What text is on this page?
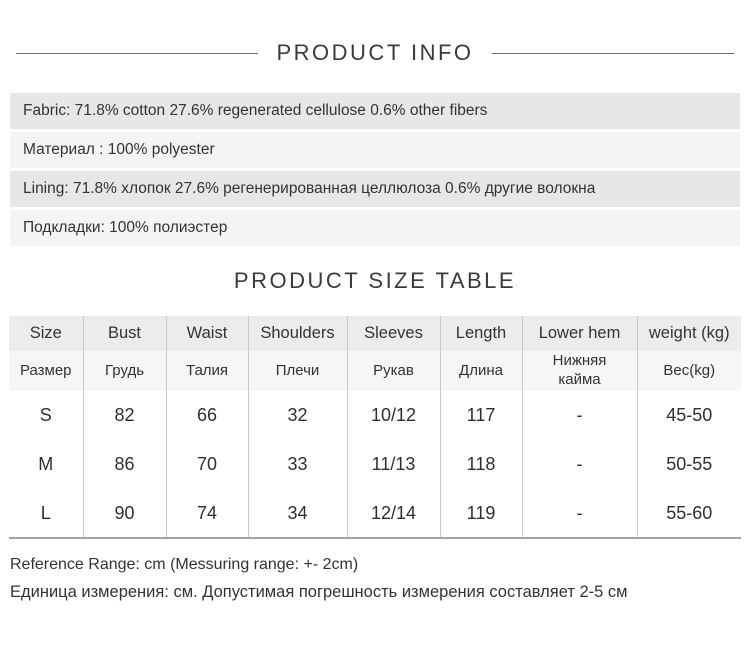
PRODUCT INFO
Fabric: 71.8% cotton 27.6% regenerated cellulose 0.6% other fibers
Материал : 100% polyester
Lining: 71.8% хлопок 27.6% регенерированная целлюлоза 0.6% другие волокна
Подкладки: 100% полиэстер
PRODUCT SIZE TABLE
Size	Bust	Waist	Shoulders	Sleeves	Length	Lower hem	weight (kg)
Размер	Грудь	Талия	Плечи	Рукав	Длина	Нижняя кайма	Вес(kg)
S	82	66	32	10/12	117	-	45-50
M	86	70	33	11/13	118	-	50-55
L	90	74	34	12/14	119	-	55-60
Reference Range: cm (Messuring range: +- 2cm)
Единица измерения: см. Допустимая погрешность измерения составляет 2-5 см
